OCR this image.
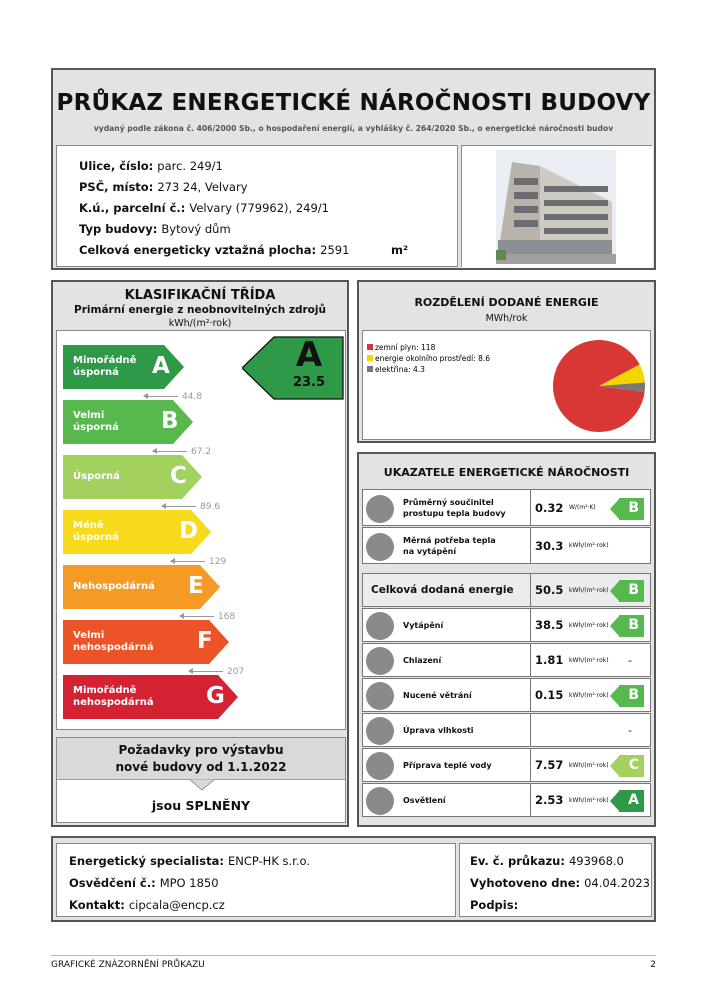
PRŮKAZ ENERGETICKÉ NÁROČNOSTI BUDOVY
vydaný podle zákona č. 406/2000 Sb., o hospodaření energií, a vyhlášky č. 264/2020 Sb., o energetické náročnosti budov
Ulice, číslo: parc. 249/1
PSČ, místo: 273 24, Velvary
K.ú., parcelní č.: Velvary (779962), 249/1
Typ budovy: Bytový dům
Celková energeticky vztažná plocha: 2591	m²
KLASIFIKAČNÍ TŘÍDA
Primární energie z neobnovitelných zdrojů
kWh/(m²·rok)
Mimořádně
úsporná	A
44.8
Velmi
úsporná B
67.2
Úsporná C
89.6
Méně úsporná	D
129
Nehospodárná E
168
Velmi
nehospodárná F
207
Mimořádně
nehospodárná G
A
23.5
Požadavky pro výstavbu
nové budovy od 1.1.2022
jsou SPLNĚNY
ROZDĚLENÍ DODANÉ ENERGIE
MWh/rok
zemní plyn: 118
energie okolního prostředí: 8.6
elektřina: 4.3
UKAZATELE ENERGETICKÉ NÁROČNOSTI
Průměrný součinitel
prostupu tepla budovy	0.32 W/(m²·K) B
Měrná potřeba tepla
na vytápění	30.3 kWh/(m²·rok)
Celková dodaná energie 50.5 kWh/(m²·rok) B
Vytápění	38.5 kWh/(m²·rok) B
Chlazení	1.81 kWh/(m²·rok) -
Nucené větrání	0.15 kWh/(m²·rok) B
Úprava vlhkosti	-
Příprava teplé vody	7.57 kWh/(m²·rok) C
Osvětlení	2.53 kWh/(m²·rok) A
Energetický specialista: ENCP-HK s.r.o.
Osvědčení č.: MPO 1850
Kontakt: cipcala@encp.cz
Ev. č. průkazu: 493968.0
Vyhotoveno dne: 04.04.2023
Podpis:
GRAFICKÉ ZNÁZORNĚNÍ PRŮKAZU	2
